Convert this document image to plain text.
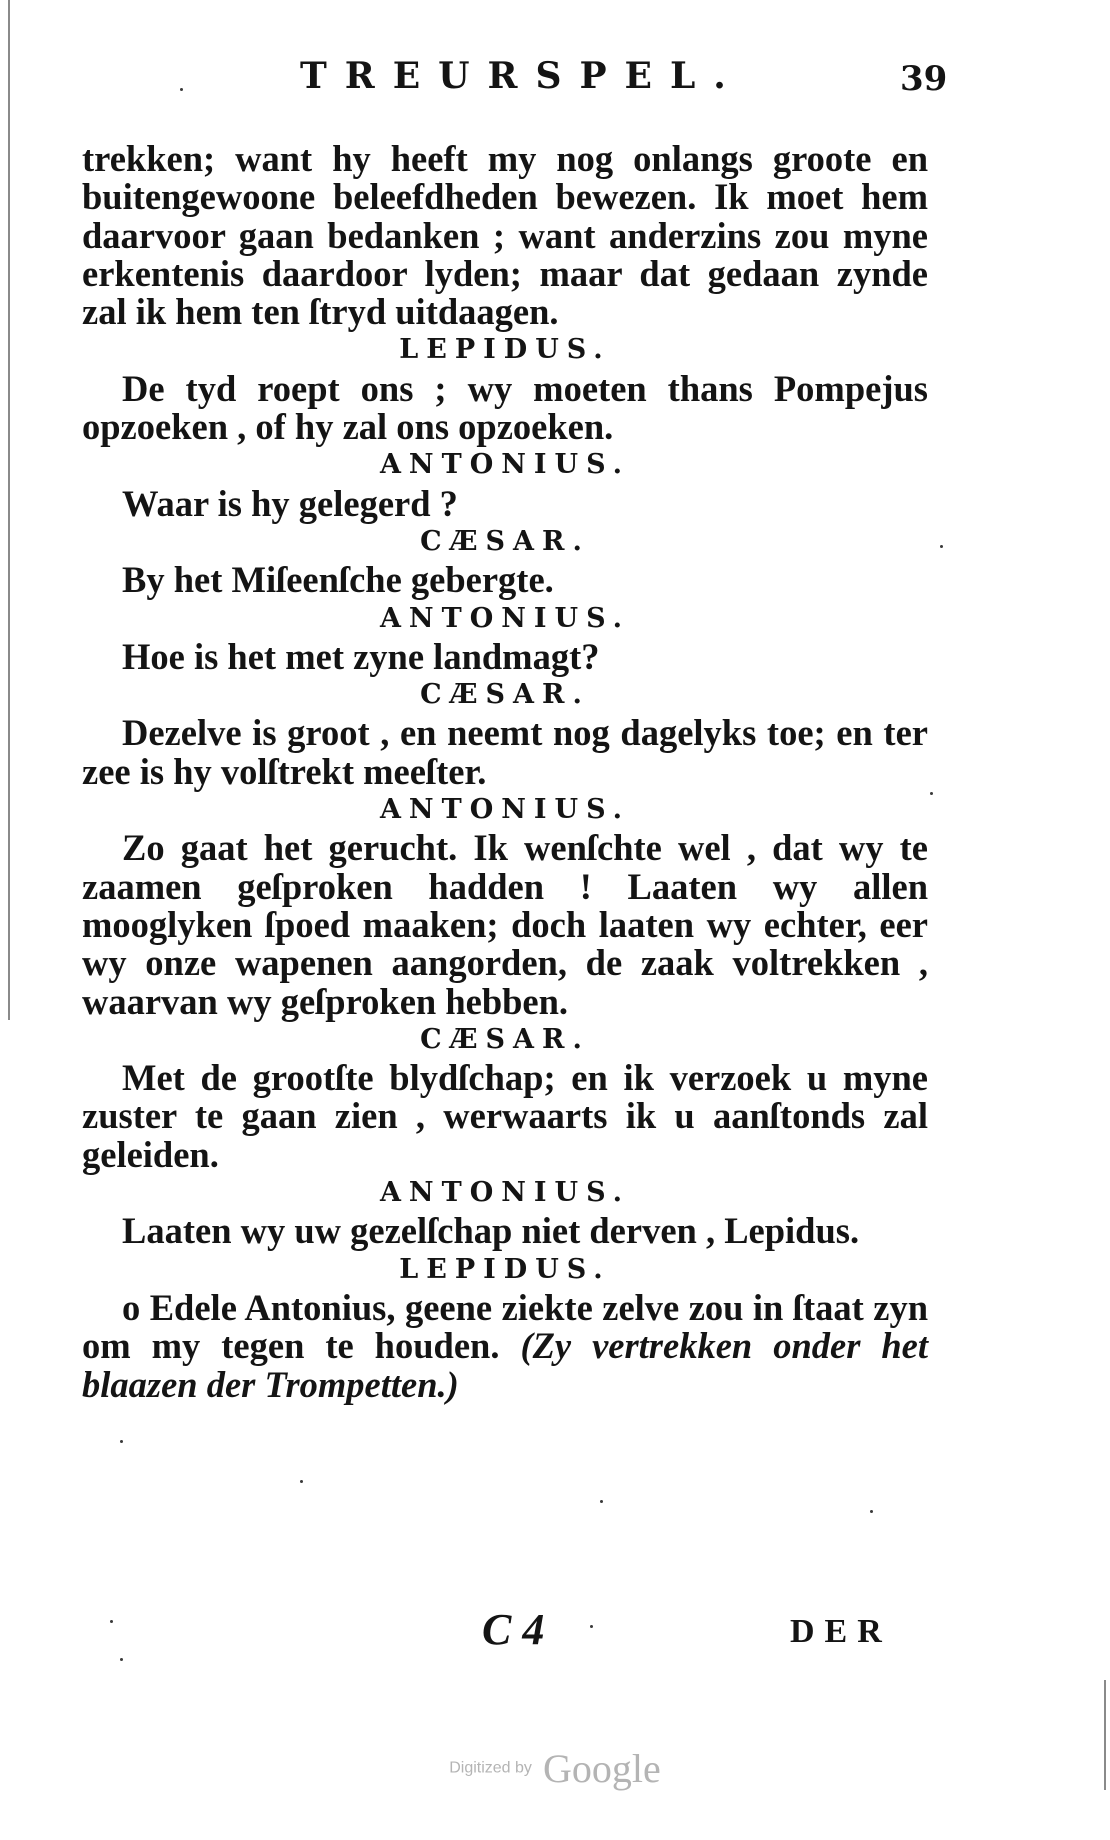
TREURSPEL.	39

trekken; want hy heeft my nog onlangs groote en buitengewoone beleefdheden bewezen. Ik moet hem daarvoor gaan bedanken ; want anderzins zou myne erkentenis daardoor lyden; maar dat gedaan zynde zal ik hem ten ſtryd uitdaagen.

LEPIDUS.

De tyd roept ons ; wy moeten thans Pompejus opzoeken , of hy zal ons opzoeken.

ANTONIUS.

Waar is hy gelegerd ?

CÆSAR.

By het Miſeenſche gebergte.

ANTONIUS.

Hoe is het met zyne landmagt?

CÆSAR.

Dezelve is groot , en neemt nog dagelyks toe; en ter zee is hy volſtrekt meeſter.

ANTONIUS.

Zo gaat het gerucht. Ik wenſchte wel , dat wy te zaamen geſproken hadden ! Laaten wy allen mooglyken ſpoed maaken; doch laaten wy echter, eer wy onze wapenen aangorden, de zaak voltrekken , waarvan wy geſproken hebben.

CÆSAR.

Met de grootſte blydſchap; en ik verzoek u myne zuster te gaan zien , werwaarts ik u aanſtonds zal geleiden.

ANTONIUS.

Laaten wy uw gezelſchap niet derven , Lepidus.

LEPIDUS.

o Edele Antonius, geene ziekte zelve zou in ſtaat zyn om my tegen te houden. (Zy vertrekken onder het blaazen der Trompetten.)

C 4	DER
Digitized by Google
